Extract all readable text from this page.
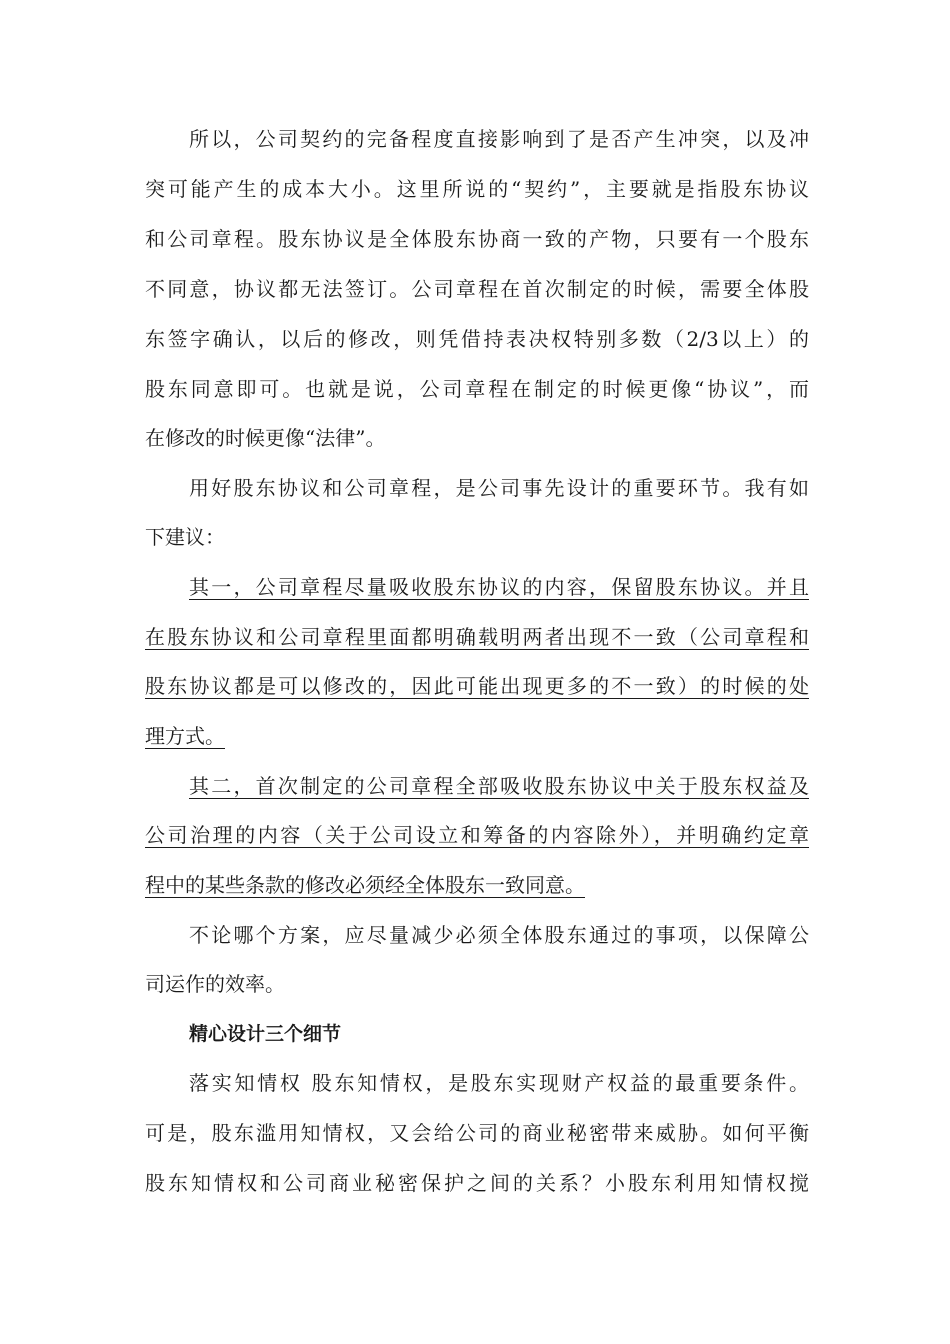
所以，公司契约的完备程度直接影响到了是否产生冲突，以及冲
突可能产生的成本大小。这里所说的“契约”，主要就是指股东协议
和公司章程。股东协议是全体股东协商一致的产物，只要有一个股东
不同意，协议都无法签订。公司章程在首次制定的时候，需要全体股
东签字确认，以后的修改，则凭借持表决权特别多数（2/3以上）的
股东同意即可。也就是说，公司章程在制定的时候更像“协议”，而
在修改的时候更像“法律”。
用好股东协议和公司章程，是公司事先设计的重要环节。我有如
下建议：
其一，公司章程尽量吸收股东协议的内容，保留股东协议。并且
在股东协议和公司章程里面都明确载明两者出现不一致（公司章程和
股东协议都是可以修改的，因此可能出现更多的不一致）的时候的处
理方式。
其二，首次制定的公司章程全部吸收股东协议中关于股东权益及
公司治理的内容（关于公司设立和筹备的内容除外），并明确约定章
程中的某些条款的修改必须经全体股东一致同意。
不论哪个方案，应尽量减少必须全体股东通过的事项，以保障公
司运作的效率。
精心设计三个细节
落实知情权 股东知情权，是股东实现财产权益的最重要条件。
可是，股东滥用知情权，又会给公司的商业秘密带来威胁。如何平衡
股东知情权和公司商业秘密保护之间的关系？小股东利用知情权搅
